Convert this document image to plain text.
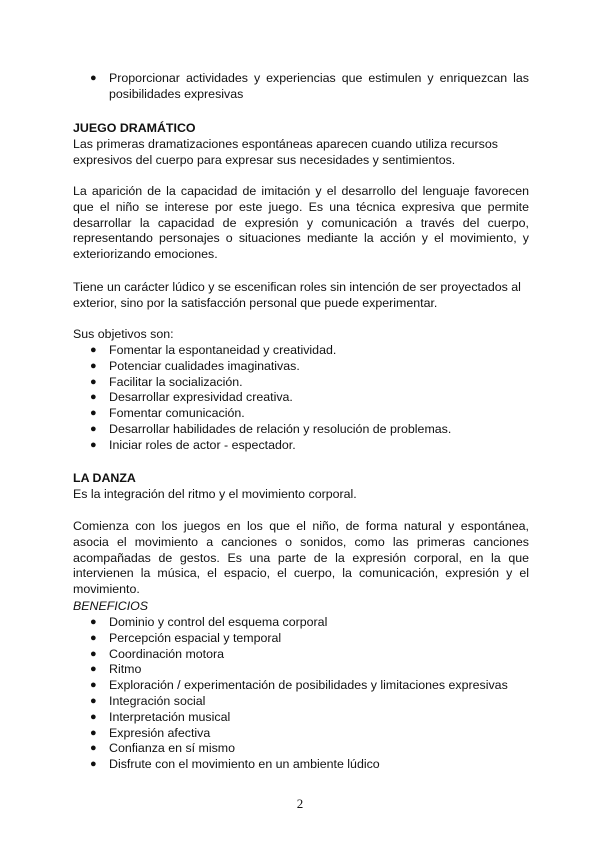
● Proporcionar actividades y experiencias que estimulen y enriquezcan las posibilidades expresivas
JUEGO DRAMÁTICO
Las primeras dramatizaciones espontáneas aparecen cuando utiliza recursos expresivos del cuerpo para expresar sus necesidades y sentimientos.
La aparición de la capacidad de imitación y el desarrollo del lenguaje favorecen que el niño se interese por este juego. Es una técnica expresiva que permite desarrollar la capacidad de expresión y comunicación a través del cuerpo, representando personajes o situaciones mediante la acción y el movimiento, y exteriorizando emociones.
Tiene un carácter lúdico y se escenifican roles sin intención de ser proyectados al exterior, sino por la satisfacción personal que puede experimentar.
Sus objetivos son:
● Fomentar la espontaneidad y creatividad.
● Potenciar cualidades imaginativas.
● Facilitar la socialización.
● Desarrollar expresividad creativa.
● Fomentar comunicación.
● Desarrollar habilidades de relación y resolución de problemas.
● Iniciar roles de actor - espectador.
LA DANZA
Es la integración del ritmo y el movimiento corporal.
Comienza con los juegos en los que el niño, de forma natural y espontánea, asocia el movimiento a canciones o sonidos, como las primeras canciones acompañadas de gestos. Es una parte de la expresión corporal, en la que intervienen la música, el espacio, el cuerpo, la comunicación, expresión y el movimiento.
BENEFICIOS
● Dominio y control del esquema corporal
● Percepción espacial y temporal
● Coordinación motora
● Ritmo
● Exploración / experimentación de posibilidades y limitaciones expresivas
● Integración social
● Interpretación musical
● Expresión afectiva
● Confianza en sí mismo
● Disfrute con el movimiento en un ambiente lúdico
2
